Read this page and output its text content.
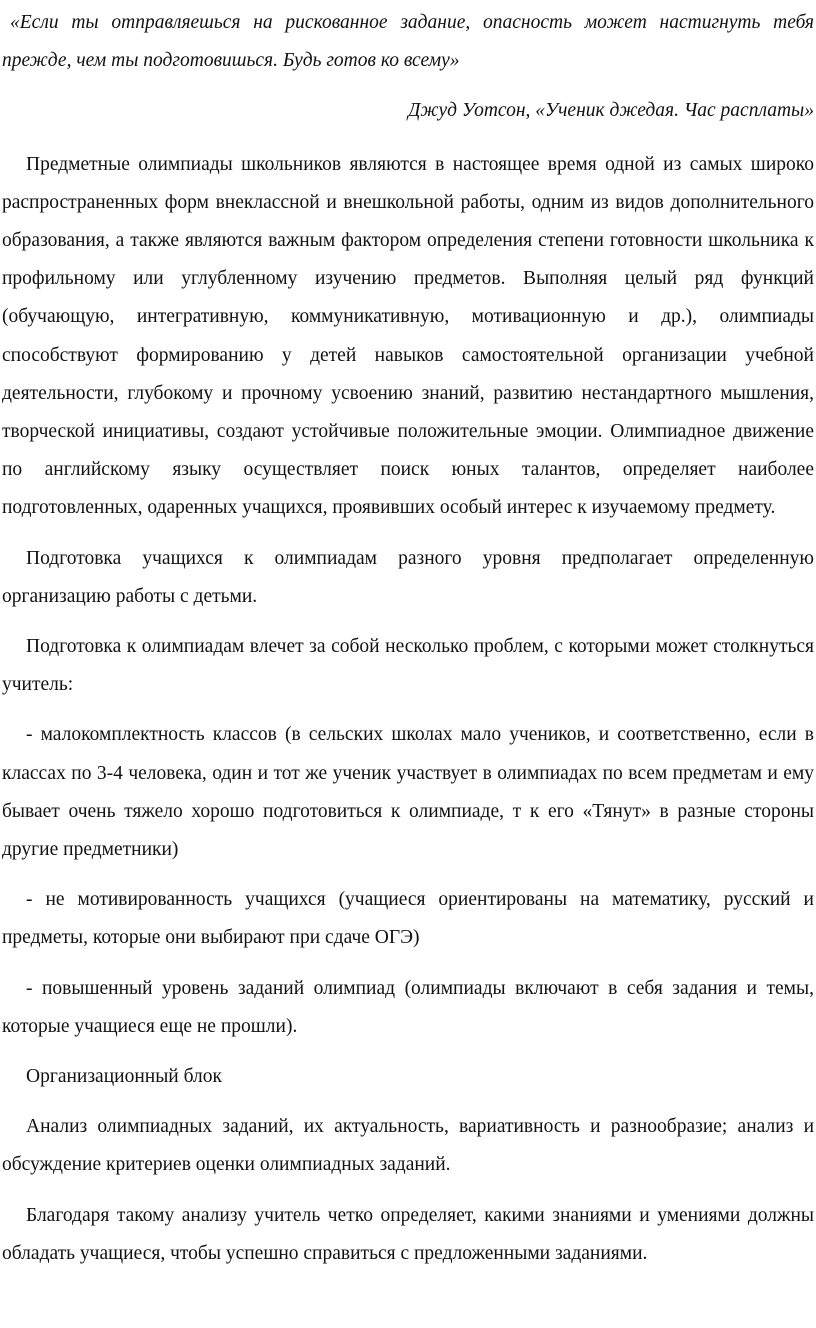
«Если ты отправляешься на рискованное задание, опасность может настигнуть тебя прежде, чем ты подготовишься. Будь готов ко всему»

Джуд Уотсон, «Ученик джедая. Час расплаты»

Предметные олимпиады школьников являются в настоящее время одной из самых широко распространенных форм внеклассной и внешкольной работы, одним из видов дополнительного образования, а также являются важным фактором определения степени готовности школьника к профильному или углубленному изучению предметов. Выполняя целый ряд функций (обучающую, интегративную, коммуникативную, мотивационную и др.), олимпиады способствуют формированию у детей навыков самостоятельной организации учебной деятельности, глубокому и прочному усвоению знаний, развитию нестандартного мышления, творческой инициативы, создают устойчивые положительные эмоции. Олимпиадное движение по английскому языку осуществляет поиск юных талантов, определяет наиболее подготовленных, одаренных учащихся, проявивших особый интерес к изучаемому предмету.

Подготовка учащихся к олимпиадам разного уровня предполагает определенную организацию работы с детьми.

Подготовка к олимпиадам влечет за собой несколько проблем, с которыми может столкнуться учитель:

- малокомплектность классов (в сельских школах мало учеников, и соответственно, если в классах по 3-4 человека, один и тот же ученик участвует в олимпиадах по всем предметам и ему бывает очень тяжело хорошо подготовиться к олимпиаде, т к его «Тянут» в разные стороны другие предметники)

- не мотивированность учащихся (учащиеся ориентированы на математику, русский и предметы, которые они выбирают при сдаче ОГЭ)

- повышенный уровень заданий олимпиад (олимпиады включают в себя задания и темы, которые учащиеся еще не прошли).

Организационный блок

Анализ олимпиадных заданий, их актуальность, вариативность и разнообразие; анализ и обсуждение критериев оценки олимпиадных заданий.

Благодаря такому анализу учитель четко определяет, какими знаниями и умениями должны обладать учащиеся, чтобы успешно справиться с предложенными заданиями.
